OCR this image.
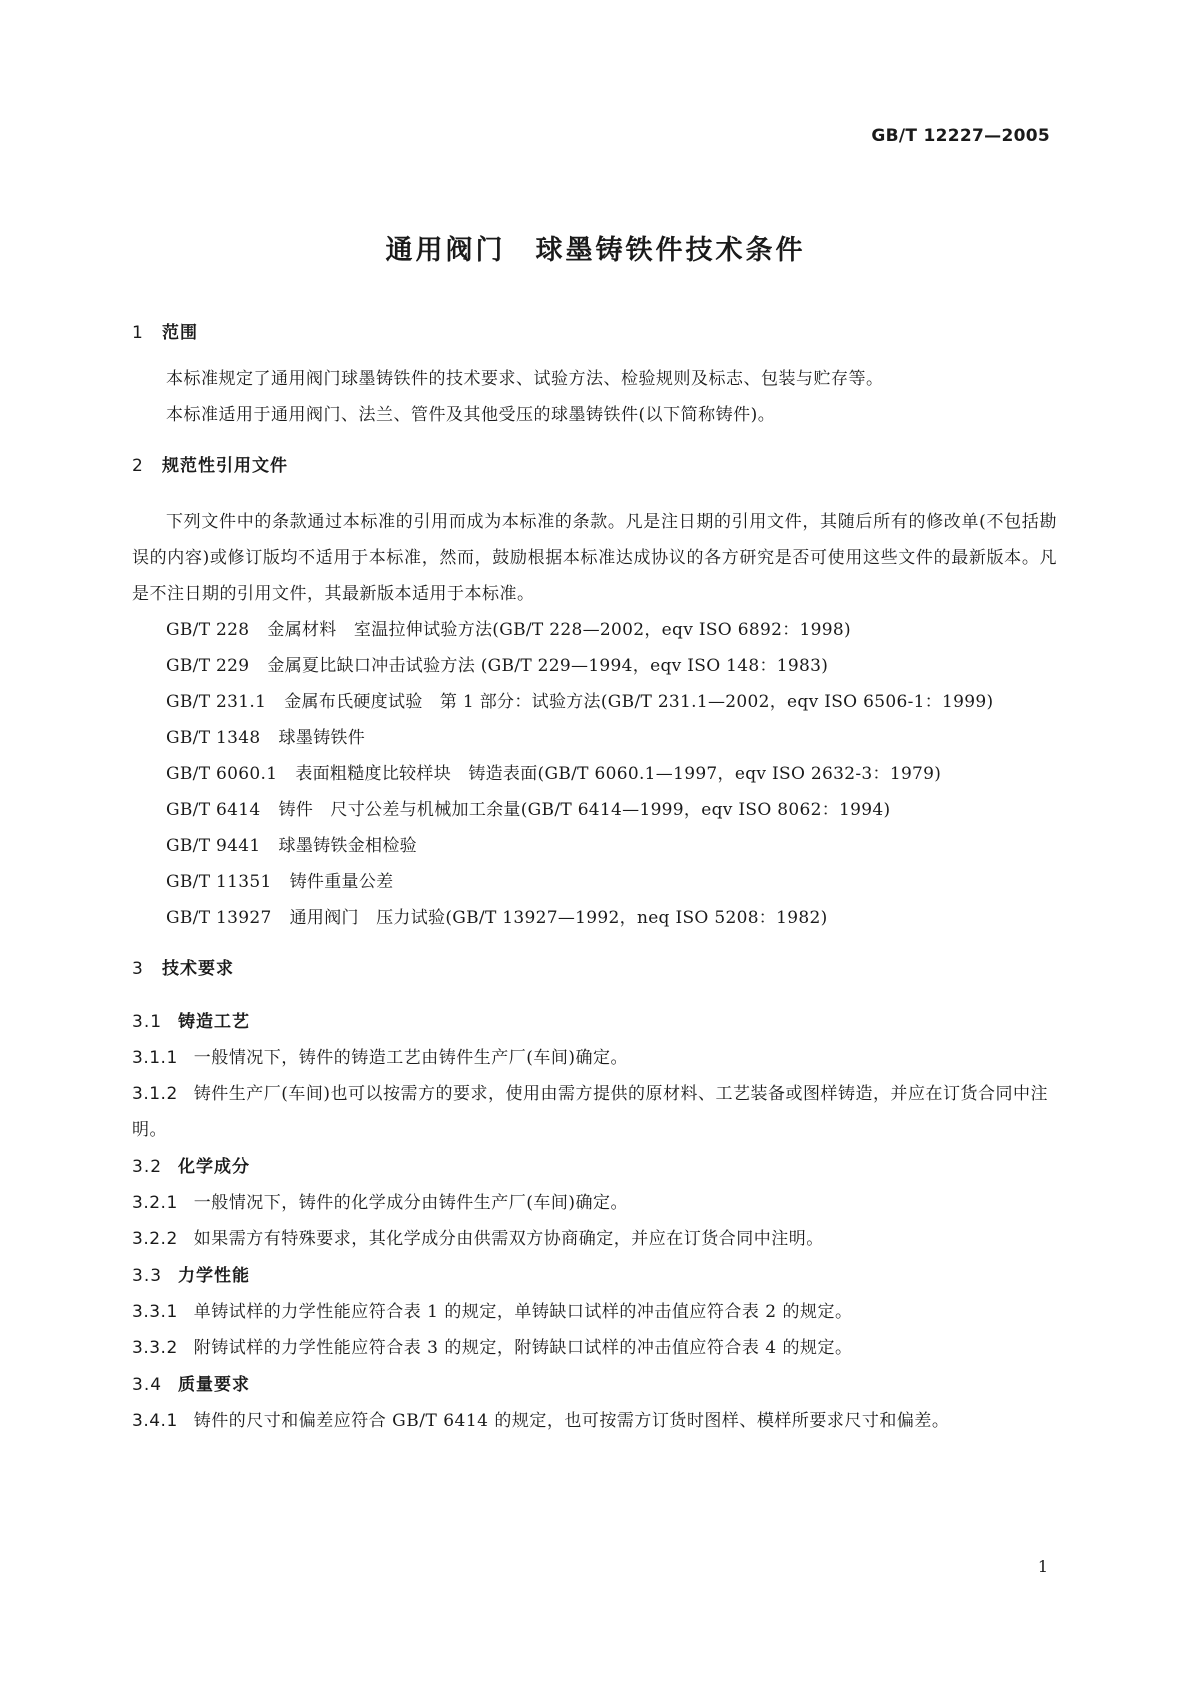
GB/T 12227—2005
通用阀门　球墨铸铁件技术条件
1 范围

本标准规定了通用阀门球墨铸铁件的技术要求、试验方法、检验规则及标志、包装与贮存等。

本标准适用于通用阀门、法兰、管件及其他受压的球墨铸铁件(以下简称铸件)。

2 规范性引用文件

下列文件中的条款通过本标准的引用而成为本标准的条款。凡是注日期的引用文件，其随后所有的修改单(不包括勘误的内容)或修订版均不适用于本标准，然而，鼓励根据本标准达成协议的各方研究是否可使用这些文件的最新版本。凡是不注日期的引用文件，其最新版本适用于本标准。

GB/T 228 金属材料　室温拉伸试验方法(GB/T 228—2002，eqv ISO 6892：1998)
GB/T 229 金属夏比缺口冲击试验方法 (GB/T 229—1994，eqv ISO 148：1983)
GB/T 231.1 金属布氏硬度试验　第 1 部分：试验方法(GB/T 231.1—2002，eqv ISO 6506-1：1999)
GB/T 1348 球墨铸铁件
GB/T 6060.1 表面粗糙度比较样块　铸造表面(GB/T 6060.1—1997，eqv ISO 2632-3：1979)
GB/T 6414 铸件　尺寸公差与机械加工余量(GB/T 6414—1999，eqv ISO 8062：1994)
GB/T 9441 球墨铸铁金相检验
GB/T 11351 铸件重量公差
GB/T 13927 通用阀门　压力试验(GB/T 13927—1992，neq ISO 5208：1982)
3 技术要求
3.1 铸造工艺
3.1.1 一般情况下，铸件的铸造工艺由铸件生产厂(车间)确定。
3.1.2 铸件生产厂(车间)也可以按需方的要求，使用由需方提供的原材料、工艺装备或图样铸造，并应在订货合同中注明。
3.2 化学成分
3.2.1 一般情况下，铸件的化学成分由铸件生产厂(车间)确定。
3.2.2 如果需方有特殊要求，其化学成分由供需双方协商确定，并应在订货合同中注明。
3.3 力学性能
3.3.1 单铸试样的力学性能应符合表 1 的规定，单铸缺口试样的冲击值应符合表 2 的规定。
3.3.2 附铸试样的力学性能应符合表 3 的规定，附铸缺口试样的冲击值应符合表 4 的规定。
3.4 质量要求
3.4.1 铸件的尺寸和偏差应符合 GB/T 6414 的规定，也可按需方订货时图样、模样所要求尺寸和偏差。
1
